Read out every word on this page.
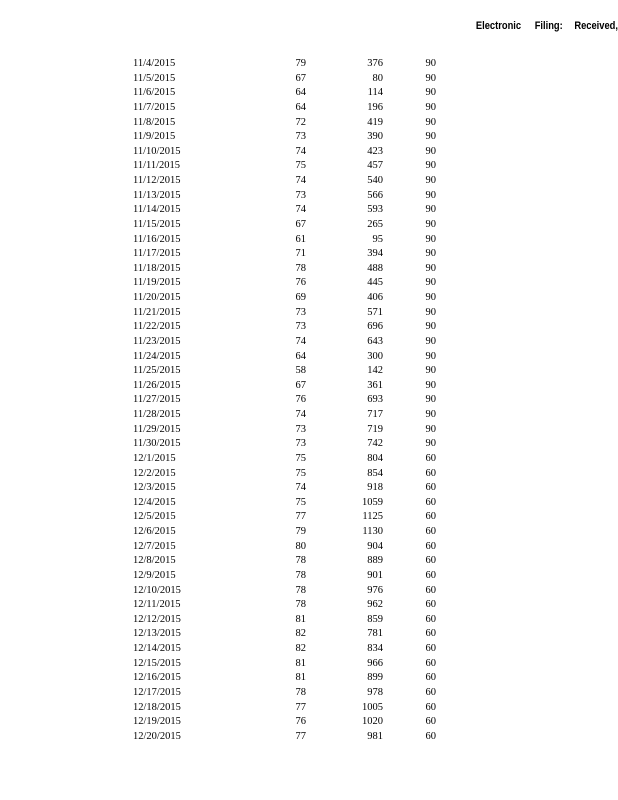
Electronic Filing: Received,
11/4/2015	79	376	90
11/5/2015	67	80	90
11/6/2015	64	114	90
11/7/2015	64	196	90
11/8/2015	72	419	90
11/9/2015	73	390	90
11/10/2015	74	423	90
11/11/2015	75	457	90
11/12/2015	74	540	90
11/13/2015	73	566	90
11/14/2015	74	593	90
11/15/2015	67	265	90
11/16/2015	61	95	90
11/17/2015	71	394	90
11/18/2015	78	488	90
11/19/2015	76	445	90
11/20/2015	69	406	90
11/21/2015	73	571	90
11/22/2015	73	696	90
11/23/2015	74	643	90
11/24/2015	64	300	90
11/25/2015	58	142	90
11/26/2015	67	361	90
11/27/2015	76	693	90
11/28/2015	74	717	90
11/29/2015	73	719	90
11/30/2015	73	742	90
12/1/2015	75	804	60
12/2/2015	75	854	60
12/3/2015	74	918	60
12/4/2015	75	1059	60
12/5/2015	77	1125	60
12/6/2015	79	1130	60
12/7/2015	80	904	60
12/8/2015	78	889	60
12/9/2015	78	901	60
12/10/2015	78	976	60
12/11/2015	78	962	60
12/12/2015	81	859	60
12/13/2015	82	781	60
12/14/2015	82	834	60
12/15/2015	81	966	60
12/16/2015	81	899	60
12/17/2015	78	978	60
12/18/2015	77	1005	60
12/19/2015	76	1020	60
12/20/2015	77	981	60
